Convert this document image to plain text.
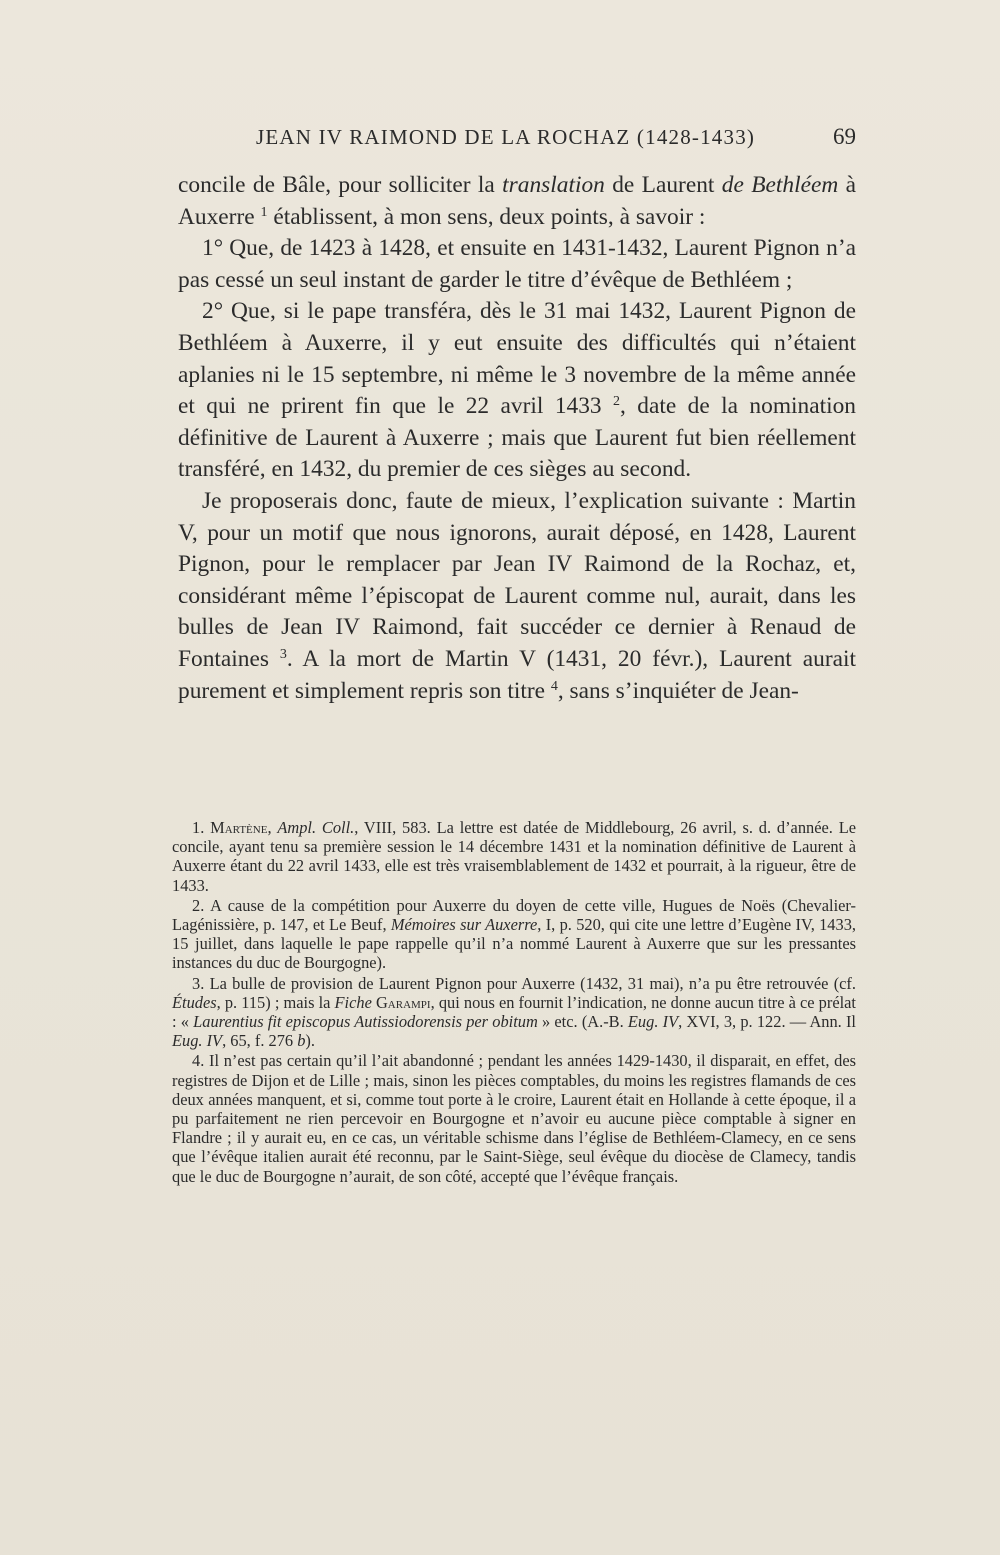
JEAN IV RAIMOND DE LA ROCHAZ (1428-1433)	69

concile de Bâle, pour solliciter la translation de Laurent de Bethléem à Auxerre $^1$ établissent, à mon sens, deux points, à savoir :

1° Que, de 1423 à 1428, et ensuite en 1431-1432, Laurent Pignon n’a pas cessé un seul instant de garder le titre d’évêque de Bethléem ;

2° Que, si le pape transféra, dès le 31 mai 1432, Laurent Pignon de Bethléem à Auxerre, il y eut ensuite des difficultés qui n’étaient aplanies ni le 15 septembre, ni même le 3 novembre de la même année et qui ne prirent fin que le 22 avril 1433 $^2$, date de la nomination définitive de Laurent à Auxerre ; mais que Laurent fut bien réellement transféré, en 1432, du premier de ces sièges au second.

Je proposerais donc, faute de mieux, l’explication suivante : Martin V, pour un motif que nous ignorons, aurait déposé, en 1428, Laurent Pignon, pour le remplacer par Jean IV Raimond de la Rochaz, et, considérant même l’épiscopat de Laurent comme nul, aurait, dans les bulles de Jean IV Raimond, fait succéder ce dernier à Renaud de Fontaines $^3$. A la mort de Martin V (1431, 20 févr.), Laurent aurait purement et simplement repris son titre $^4$, sans s’inquiéter de Jean-

1. Martène, Ampl. Coll., VIII, 583. La lettre est datée de Middlebourg, 26 avril, s. d. d’année. Le concile, ayant tenu sa première session le 14 décembre 1431 et la nomination définitive de Laurent à Auxerre étant du 22 avril 1433, elle est très vraisemblablement de 1432 et pourrait, à la rigueur, être de 1433.

2. A cause de la compétition pour Auxerre du doyen de cette ville, Hugues de Noës (Chevalier-Lagénissière, p. 147, et Le Beuf, Mémoires sur Auxerre, I, p. 520, qui cite une lettre d’Eugène IV, 1433, 15 juillet, dans laquelle le pape rappelle qu’il n’a nommé Laurent à Auxerre que sur les pressantes instances du duc de Bourgogne).

3. La bulle de provision de Laurent Pignon pour Auxerre (1432, 31 mai), n’a pu être retrouvée (cf. Études, p. 115) ; mais la Fiche Garampi, qui nous en fournit l’indication, ne donne aucun titre à ce prélat : « Laurentius fit episcopus Autissiodorensis per obitum » etc. (A.-B. Eug. IV, XVI, 3, p. 122. — Ann. Il Eug. IV, 65, f. 276 b).

4. Il n’est pas certain qu’il l’ait abandonné ; pendant les années 1429-1430, il disparait, en effet, des registres de Dijon et de Lille ; mais, sinon les pièces comptables, du moins les registres flamands de ces deux années manquent, et si, comme tout porte à le croire, Laurent était en Hollande à cette époque, il a pu parfaitement ne rien percevoir en Bourgogne et n’avoir eu aucune pièce comptable à signer en Flandre ; il y aurait eu, en ce cas, un véritable schisme dans l’église de Bethléem-Clamecy, en ce sens que l’évêque italien aurait été reconnu, par le Saint-Siège, seul évêque du diocèse de Clamecy, tandis que le duc de Bourgogne n’aurait, de son côté, accepté que l’évêque français.
